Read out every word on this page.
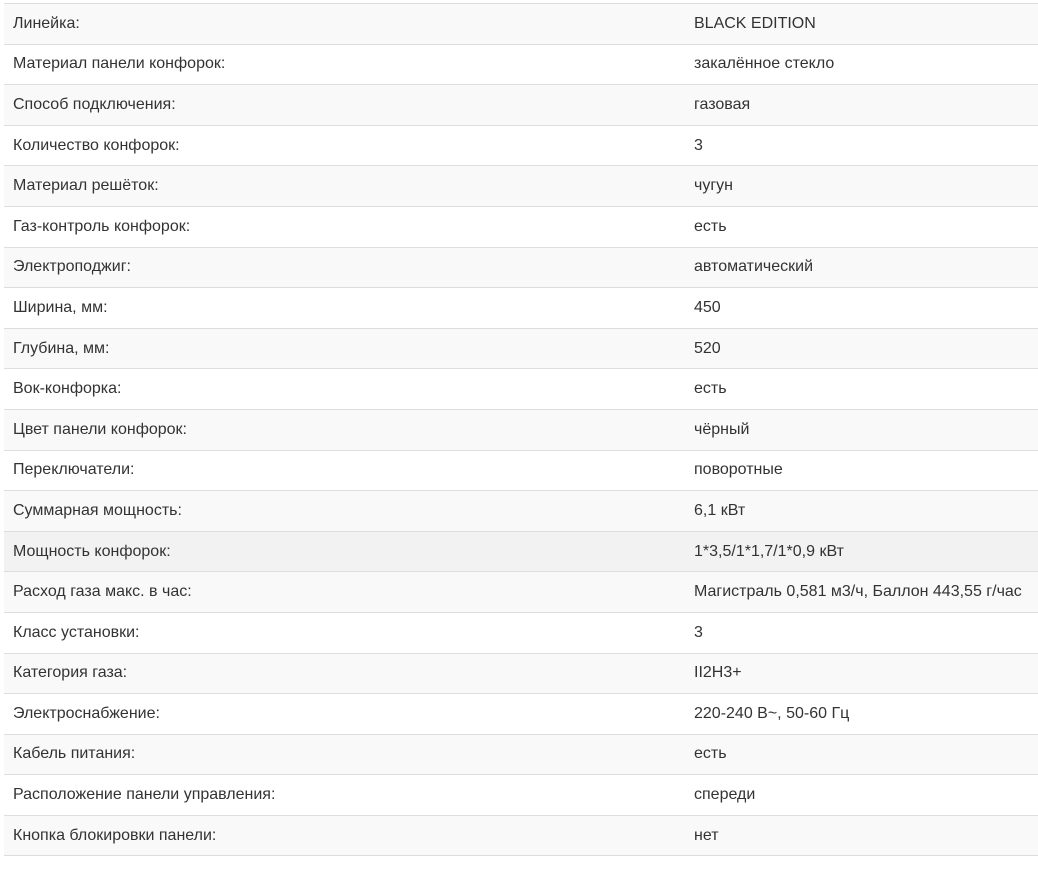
Линейка:	BLACK EDITION
Материал панели конфорок:	закалённое стекло
Способ подключения:	газовая
Количество конфорок:	3
Материал решёток:	чугун
Газ-контроль конфорок:	есть
Электроподжиг:	автоматический
Ширина, мм:	450
Глубина, мм:	520
Вок-конфорка:	есть
Цвет панели конфорок:	чёрный
Переключатели:	поворотные
Суммарная мощность:	6,1 кВт
Мощность конфорок:	1*3,5/1*1,7/1*0,9 кВт
Расход газа макс. в час:	Магистраль 0,581 м3/ч, Баллон 443,55 г/час
Класс установки:	3
Категория газа:	II2H3+
Электроснабжение:	220-240 В~, 50-60 Гц
Кабель питания:	есть
Расположение панели управления:	спереди
Кнопка блокировки панели:	нет
